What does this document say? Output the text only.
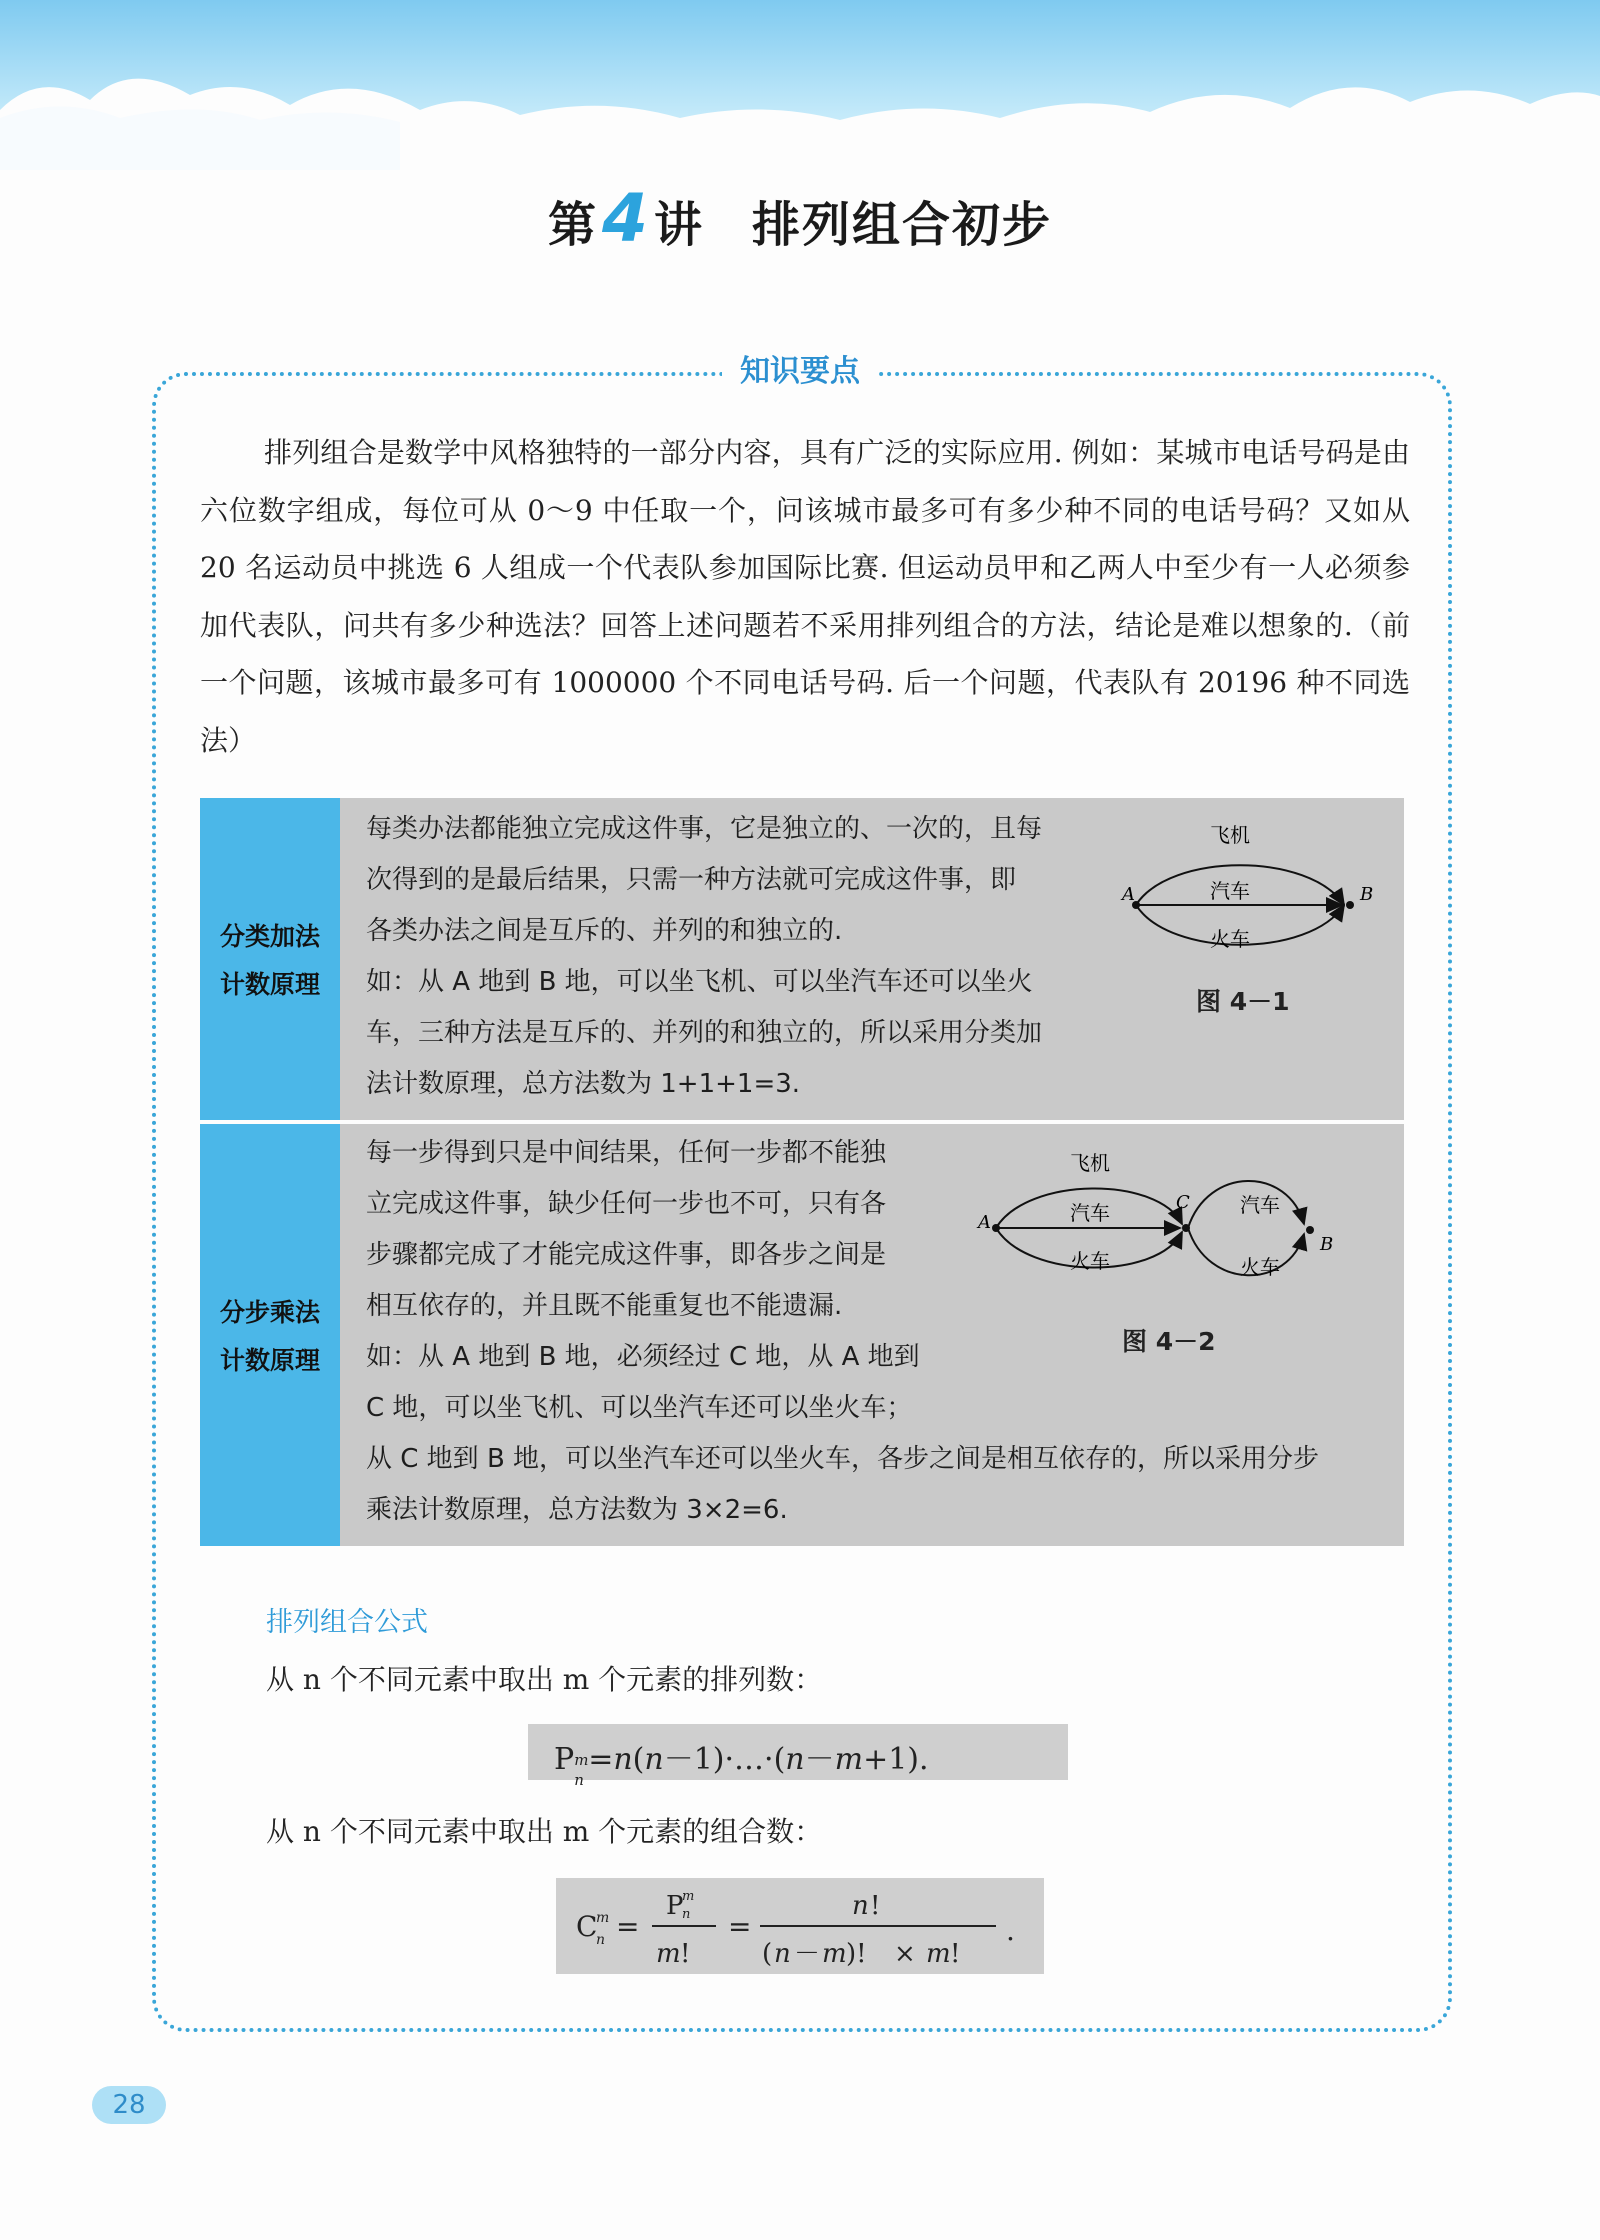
第4讲 排列组合初步
知识要点
排列组合是数学中风格独特的一部分内容，具有广泛的实际应用. 例如：某城市电话号码是由六位数字组成，每位可从 0～9 中任取一个，问该城市最多可有多少种不同的电话号码？又如从 20 名运动员中挑选 6 人组成一个代表队参加国际比赛. 但运动员甲和乙两人中至少有一人必须参加代表队，问共有多少种选法？回答上述问题若不采用排列组合的方法，结论是难以想象的.（前一个问题，该城市最多可有 1000000 个不同电话号码. 后一个问题，代表队有 20196 种不同选法）
分类加法
计数原理
每类办法都能独立完成这件事，它是独立的、一次的，且每
次得到的是最后结果，只需一种方法就可完成这件事，即
各类办法之间是互斥的、并列的和独立的.
如：从 A 地到 B 地，可以坐飞机、可以坐汽车还可以坐火
车，三种方法是互斥的、并列的和独立的，所以采用分类加
法计数原理，总方法数为 1+1+1=3.
A	B
飞机
汽车
火车
图 4－1
分步乘法
计数原理
每一步得到只是中间结果，任何一步都不能独
立完成这件事，缺少任何一步也不可，只有各
步骤都完成了才能完成这件事，即各步之间是
相互依存的，并且既不能重复也不能遗漏.
如：从 A 地到 B 地，必须经过 C 地，从 A 地到
C 地，可以坐飞机、可以坐汽车还可以坐火车；
从 C 地到 B 地，可以坐汽车还可以坐火车，各步之间是相互依存的，所以采用分步
乘法计数原理，总方法数为 3×2=6.
A
C
B
飞机
汽车
火车
汽车
火车
图 4－2
排列组合公式
从 n 个不同元素中取出 m 个元素的排列数：
P m
n
=n(n－1)·…·(n－m+1).
从 n 个不同元素中取出 m 个元素的组合数：
C
m
n =
P
m
n
m !
=
n !
( n － m )! × m !
.
28
